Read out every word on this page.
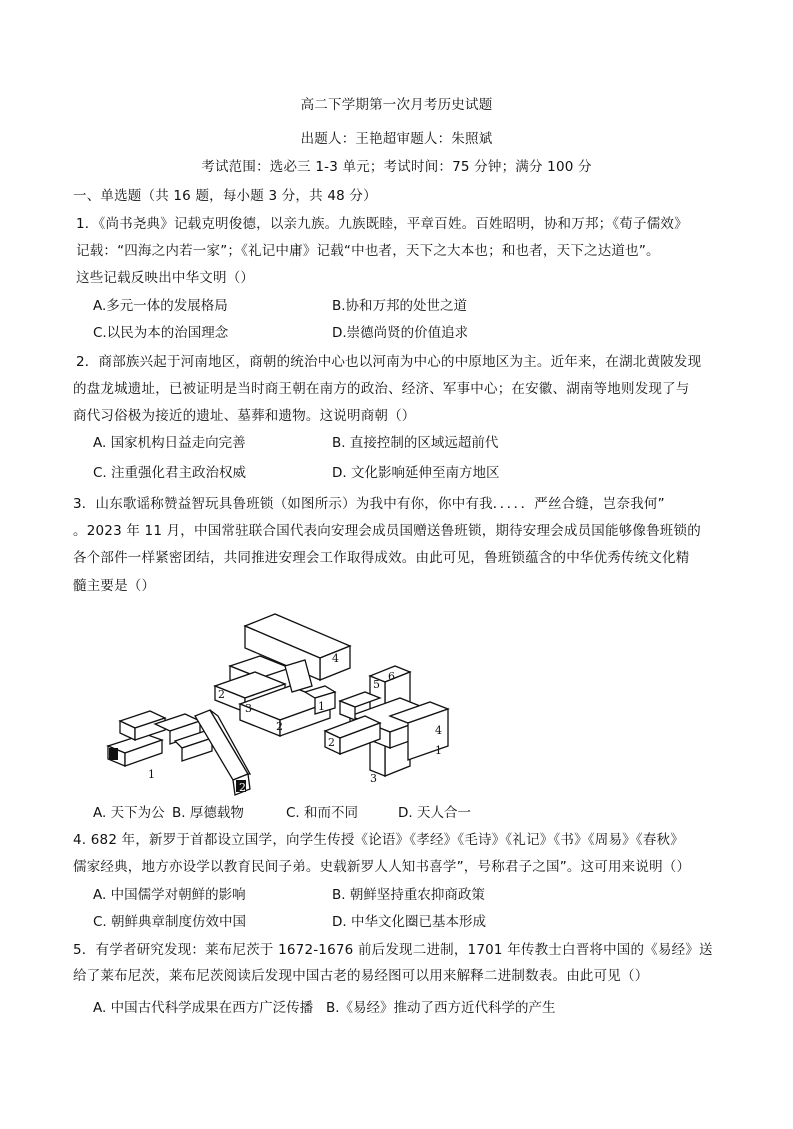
高二下学期第一次月考历史试题
出题人：王艳超审题人：朱照斌
考试范围：选必三 1-3 单元；考试时间：75 分钟；满分 100 分
一、单选题（共 16 题，每小题 3 分，共 48 分）
1．《尚书尧典》记载克明俊德，以亲九族。九族既睦，平章百姓。百姓昭明，协和万邦；《荀子儒效》
记载：“四海之内若一家”；《礼记中庸》记载“中也者，天下之大本也；和也者，天下之达道也”。
这些记载反映出中华文明（）
A.多元一体的发展格局	B.协和万邦的处世之道
C.以民为本的治国理念	D.崇德尚贤的价值追求
2．商部族兴起于河南地区，商朝的统治中心也以河南为中心的中原地区为主。近年来，在湖北黄陂发现
的盘龙城遗址，已被证明是当时商王朝在南方的政治、经济、军事中心；在安徽、湖南等地则发现了与
商代习俗极为接近的遗址、墓葬和遗物。这说明商朝（）
A. 国家机构日益走向完善	B. 直接控制的区域远超前代
C. 注重强化君主政治权威	D. 文化影响延伸至南方地区
3．山东歌谣称赞益智玩具鲁班锁（如图所示）为我中有你，你中有我．．．．．严丝合缝，岂奈我何”
。2023 年 11 月，中国常驻联合国代表向安理会成员国赠送鲁班锁，期待安理会成员国能够像鲁班锁的
各个部件一样紧密团结，共同推进安理会工作取得成效。由此可见，鲁班锁蕴含的中华优秀传统文化精
髓主要是（）
1
2
1
4
2
3	1
2
5
6
4
1
2
3
A. 天下为公 B. 厚德载物	C. 和而不同	D. 天人合一
4. 682 年，新罗于首都设立国学，向学生传授《论语》《孝经》《毛诗》《礼记》《书》《周易》《春秋》
儒家经典，地方亦设学以教育民间子弟。史载新罗人人知书喜学”，号称君子之国”。这可用来说明（）
A. 中国儒学对朝鲜的影响	B. 朝鲜坚持重农抑商政策
C. 朝鲜典章制度仿效中国	D. 中华文化圈已基本形成
5．有学者研究发现：莱布尼茨于 1672-1676 前后发现二进制，1701 年传教士白晋将中国的《易经》送
给了莱布尼茨，莱布尼茨阅读后发现中国古老的易经图可以用来解释二进制数表。由此可见（）
A. 中国古代科学成果在西方广泛传播 B.《易经》推动了西方近代科学的产生
